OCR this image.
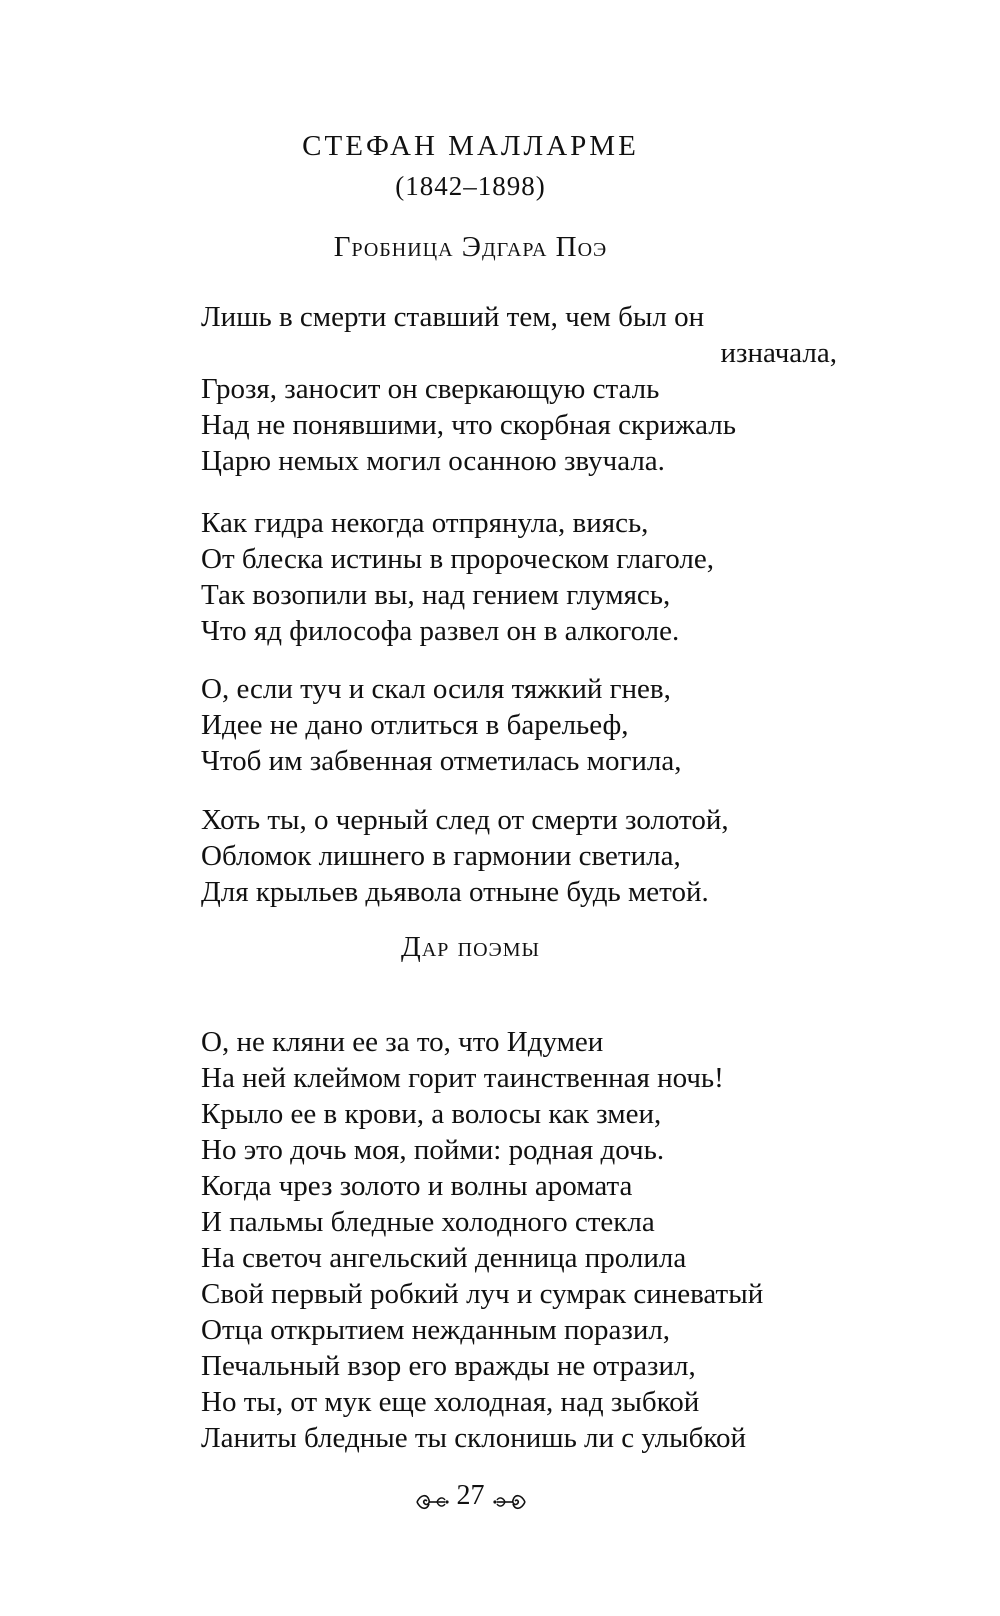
СТЕФАН МАЛЛАРМЕ
(1842–1898)
Гробница Эдгара Поэ
Лишь в смерти ставший тем, чем был он
изначала,
Грозя, заносит он сверкающую сталь
Над не понявшими, что скорбная скрижаль
Царю немых могил осанною звучала.
Как гидра некогда отпрянула, виясь,
От блеска истины в пророческом глаголе,
Так возопили вы, над гением глумясь,
Что яд философа развел он в алкоголе.
О, если туч и скал осиля тяжкий гнев,
Идее не дано отлиться в барельеф,
Чтоб им забвенная отметилась могила,
Хоть ты, о черный след от смерти золотой,
Обломок лишнего в гармонии светила,
Для крыльев дьявола отныне будь метой.
Дар поэмы
О, не кляни ее за то, что Идумеи
На ней клеймом горит таинственная ночь!
Крыло ее в крови, а волосы как змеи,
Но это дочь моя, пойми: родная дочь.
Когда чрез золото и волны аромата
И пальмы бледные холодного стекла
На светоч ангельский денница пролила
Свой первый робкий луч и сумрак синеватый
Отца открытием нежданным поразил,
Печальный взор его вражды не отразил,
Но ты, от мук еще холодная, над зыбкой
Ланиты бледные ты склонишь ли с улыбкой
27
